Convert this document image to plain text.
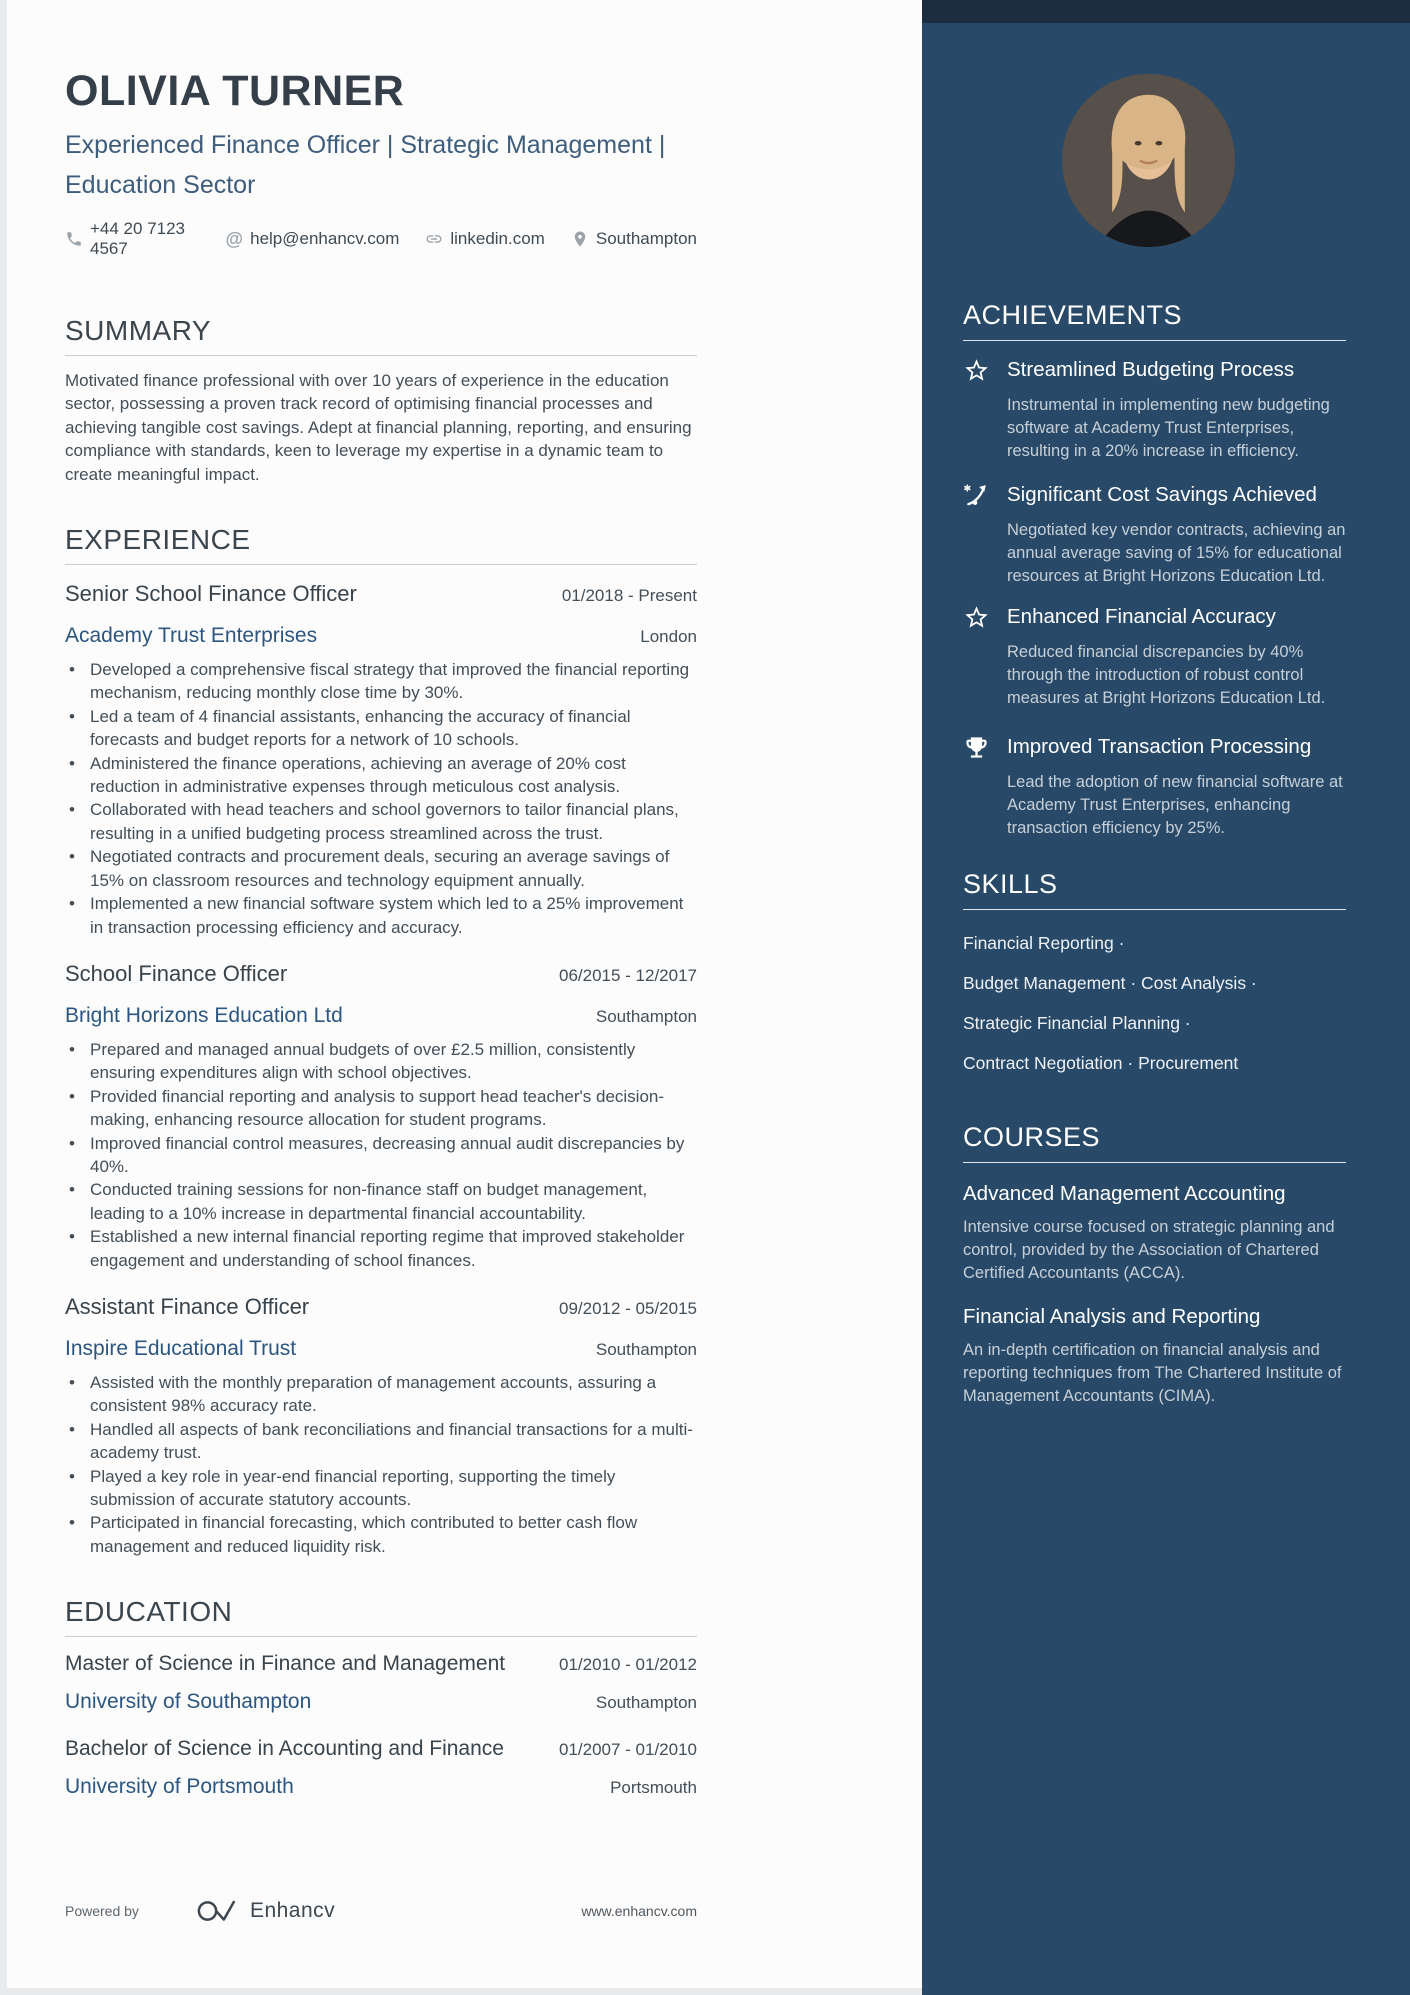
OLIVIA TURNER
Experienced Finance Officer | Strategic Management | Education Sector
+44 20 7123 4567	@ help@enhancv.com	linkedin.com	Southampton
SUMMARY

Motivated finance professional with over 10 years of experience in the education sector, possessing a proven track record of optimising financial processes and achieving tangible cost savings. Adept at financial planning, reporting, and ensuring compliance with standards, keen to leverage my expertise in a dynamic team to create meaningful impact.

EXPERIENCE
Senior School Finance Officer	01/2018 - Present
Academy Trust Enterprises	London
• Developed a comprehensive fiscal strategy that improved the financial reporting mechanism, reducing monthly close time by 30%.
• Led a team of 4 financial assistants, enhancing the accuracy of financial forecasts and budget reports for a network of 10 schools.
• Administered the finance operations, achieving an average of 20% cost reduction in administrative expenses through meticulous cost analysis.
• Collaborated with head teachers and school governors to tailor financial plans, resulting in a unified budgeting process streamlined across the trust.
• Negotiated contracts and procurement deals, securing an average savings of 15% on classroom resources and technology equipment annually.
• Implemented a new financial software system which led to a 25% improvement in transaction processing efficiency and accuracy.
School Finance Officer	06/2015 - 12/2017
Bright Horizons Education Ltd	Southampton
• Prepared and managed annual budgets of over £2.5 million, consistently ensuring expenditures align with school objectives.
• Provided financial reporting and analysis to support head teacher's decision-making, enhancing resource allocation for student programs.
• Improved financial control measures, decreasing annual audit discrepancies by 40%.
• Conducted training sessions for non-finance staff on budget management, leading to a 10% increase in departmental financial accountability.
• Established a new internal financial reporting regime that improved stakeholder engagement and understanding of school finances.
Assistant Finance Officer	09/2012 - 05/2015
Inspire Educational Trust	Southampton
• Assisted with the monthly preparation of management accounts, assuring a consistent 98% accuracy rate.
• Handled all aspects of bank reconciliations and financial transactions for a multi-academy trust.
• Played a key role in year-end financial reporting, supporting the timely submission of accurate statutory accounts.
• Participated in financial forecasting, which contributed to better cash flow management and reduced liquidity risk.
EDUCATION
Master of Science in Finance and Management	01/2010 - 01/2012
University of Southampton	Southampton
Bachelor of Science in Accounting and Finance	01/2007 - 01/2010
University of Portsmouth	Portsmouth
Powered by	Enhancv	www.enhancv.com
ACHIEVEMENTS
Streamlined Budgeting Process
Instrumental in implementing new budgeting software at Academy Trust Enterprises, resulting in a 20% increase in efficiency.
Significant Cost Savings Achieved
Negotiated key vendor contracts, achieving an annual average saving of 15% for educational resources at Bright Horizons Education Ltd.
Enhanced Financial Accuracy
Reduced financial discrepancies by 40% through the introduction of robust control measures at Bright Horizons Education Ltd.
Improved Transaction Processing
Lead the adoption of new financial software at Academy Trust Enterprises, enhancing transaction efficiency by 25%.
SKILLS
Financial Reporting ·
Budget Management · Cost Analysis ·
Strategic Financial Planning ·
Contract Negotiation · Procurement
COURSES
Advanced Management Accounting
Intensive course focused on strategic planning and control, provided by the Association of Chartered Certified Accountants (ACCA).
Financial Analysis and Reporting
An in-depth certification on financial analysis and reporting techniques from The Chartered Institute of Management Accountants (CIMA).
